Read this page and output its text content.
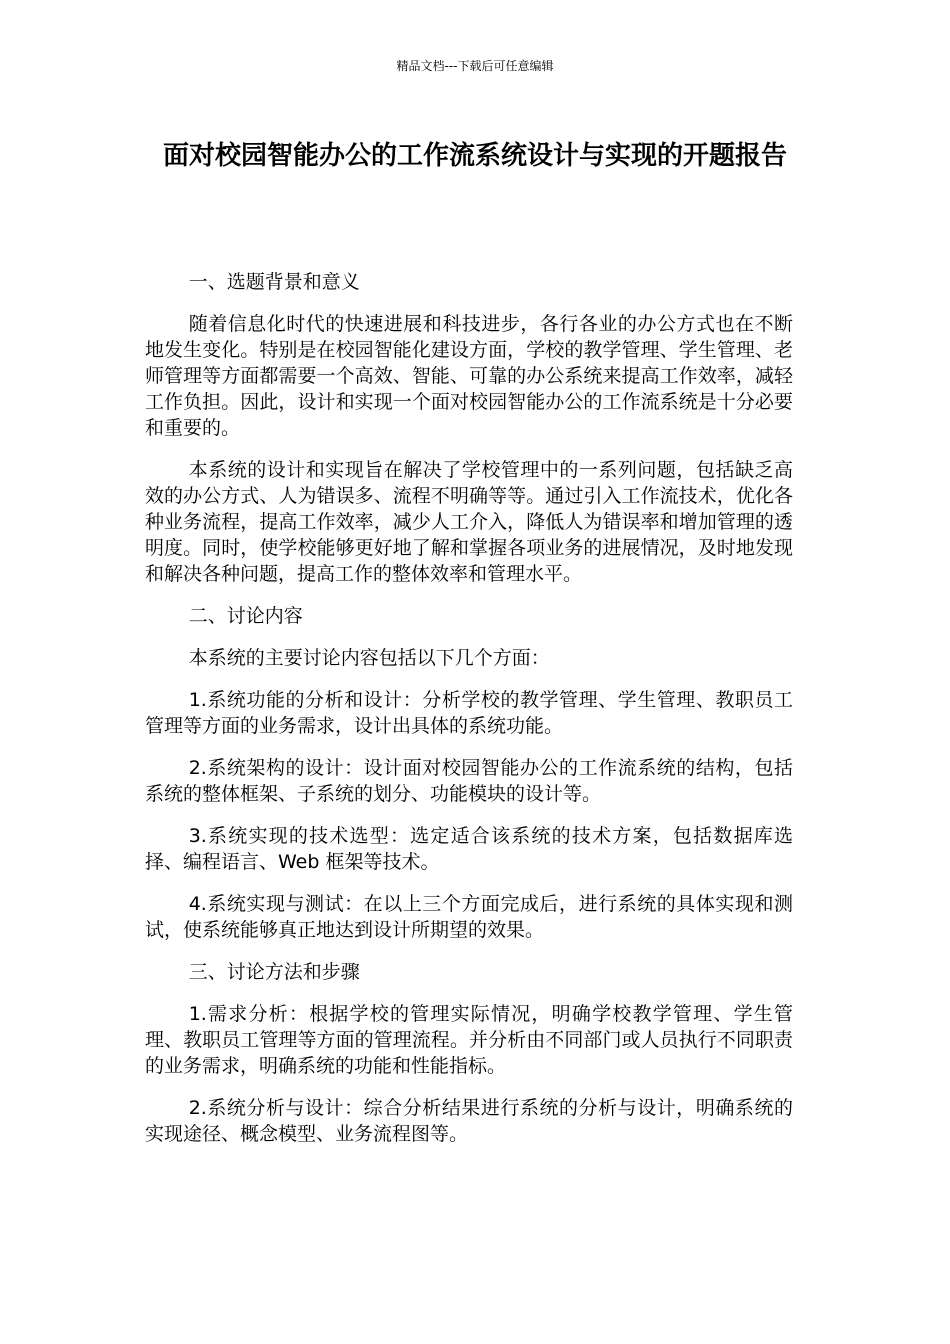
精品文档---下载后可任意编辑
面对校园智能办公的工作流系统设计与实现的开题报告

一、选题背景和意义

随着信息化时代的快速进展和科技进步，各行各业的办公方式也在不断地发生变化。特别是在校园智能化建设方面，学校的教学管理、学生管理、老师管理等方面都需要一个高效、智能、可靠的办公系统来提高工作效率，减轻工作负担。因此，设计和实现一个面对校园智能办公的工作流系统是十分必要和重要的。

本系统的设计和实现旨在解决了学校管理中的一系列问题，包括缺乏高效的办公方式、人为错误多、流程不明确等等。通过引入工作流技术，优化各种业务流程，提高工作效率，减少人工介入，降低人为错误率和增加管理的透明度。同时，使学校能够更好地了解和掌握各项业务的进展情况，及时地发现和解决各种问题，提高工作的整体效率和管理水平。

二、讨论内容

本系统的主要讨论内容包括以下几个方面：

1.系统功能的分析和设计：分析学校的教学管理、学生管理、教职员工管理等方面的业务需求，设计出具体的系统功能。

2.系统架构的设计：设计面对校园智能办公的工作流系统的结构，包括系统的整体框架、子系统的划分、功能模块的设计等。

3.系统实现的技术选型：选定适合该系统的技术方案，包括数据库选择、编程语言、Web 框架等技术。

4.系统实现与测试：在以上三个方面完成后，进行系统的具体实现和测试，使系统能够真正地达到设计所期望的效果。

三、讨论方法和步骤

1.需求分析：根据学校的管理实际情况，明确学校教学管理、学生管理、教职员工管理等方面的管理流程。并分析由不同部门或人员执行不同职责的业务需求，明确系统的功能和性能指标。

2.系统分析与设计：综合分析结果进行系统的分析与设计，明确系统的实现途径、概念模型、业务流程图等。
